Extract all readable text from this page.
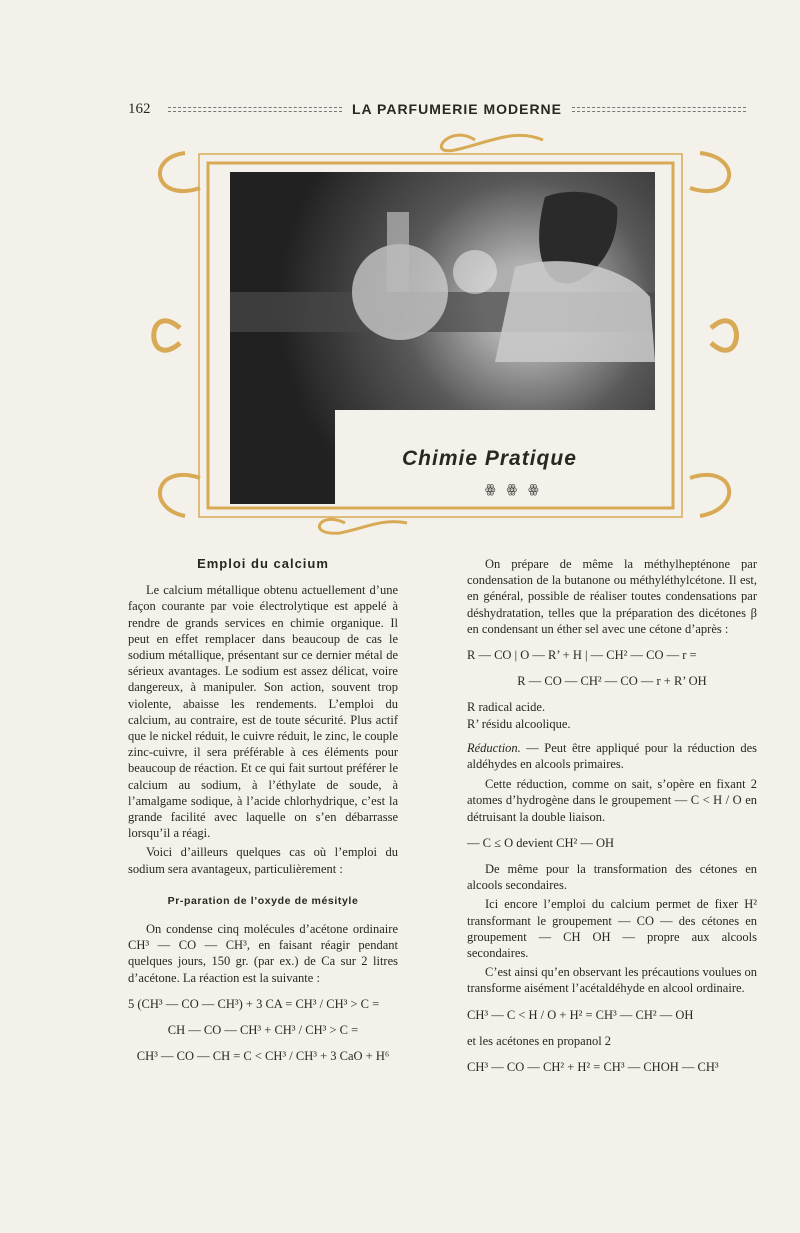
162	LA PARFUMERIE MODERNE
Chimie Pratique
ꙮ ꙮ ꙮ
Emploi du calcium

Le calcium métallique obtenu actuellement d’une façon courante par voie électrolytique est appelé à rendre de grands services en chimie organique. Il peut en effet remplacer dans beaucoup de cas le sodium métallique, présentant sur ce dernier métal de sérieux avantages. Le sodium est assez délicat, voire dangereux, à manipuler. Son action, souvent trop violente, abaisse les rendements. L’emploi du calcium, au contraire, est de toute sécurité. Plus actif que le nickel réduit, le cuivre réduit, le zinc, le couple zinc-cuivre, il sera préférable à ces éléments pour beaucoup de réaction. Et ce qui fait surtout préférer le calcium au sodium, à l’éthylate de soude, à l’amalgame sodique, à l’acide chlorhydrique, c’est la grande facilité avec laquelle on s’en débarrasse lorsqu’il a réagi.

Voici d’ailleurs quelques cas où l’emploi du sodium sera avantageux, particulièrement :

Pr-paration de l’oxyde de mésityle

On condense cinq molécules d’acétone ordinaire CH³ — CO — CH³, en faisant réagir pendant quelques jours, 150 gr. (par ex.) de Ca sur 2 litres d’acétone. La réaction est la suivante :

5 (CH³ — CO — CH³) + 3 CA = CH³ / CH³ > C =
CH — CO — CH³ + CH³ / CH³ > C =
CH³ — CO — CH = C < CH³ / CH³ + 3 CaO + H⁶

On prépare de même la méthylhepténone par condensation de la butanone ou méthyléthylcétone. Il est, en général, possible de réaliser toutes condensations par déshydratation, telles que la préparation des dicétones β en condensant un éther sel avec une cétone d’après :

R — CO | O — R’ + H | — CH² — CO — r =
R — CO — CH² — CO — r + R’ OH

R radical acide.

R’ résidu alcoolique.

Réduction. — Peut être appliqué pour la réduction des aldéhydes en alcools primaires.

Cette réduction, comme on sait, s’opère en fixant 2 atomes d’hydrogène dans le groupement — C < H / O en détruisant la double liaison.

— C ≤ O devient CH² — OH

De même pour la transformation des cétones en alcools secondaires.

Ici encore l’emploi du calcium permet de fixer H² transformant le groupement — CO — des cétones en groupement — CH OH — propre aux alcools secondaires.

C’est ainsi qu’en observant les précautions voulues on transforme aisément l’acétaldéhyde en alcool ordinaire.

CH³ — C < H / O + H² = CH³ — CH² — OH

et les acétones en propanol 2

CH³ — CO — CH² + H² = CH³ — CHOH — CH³
